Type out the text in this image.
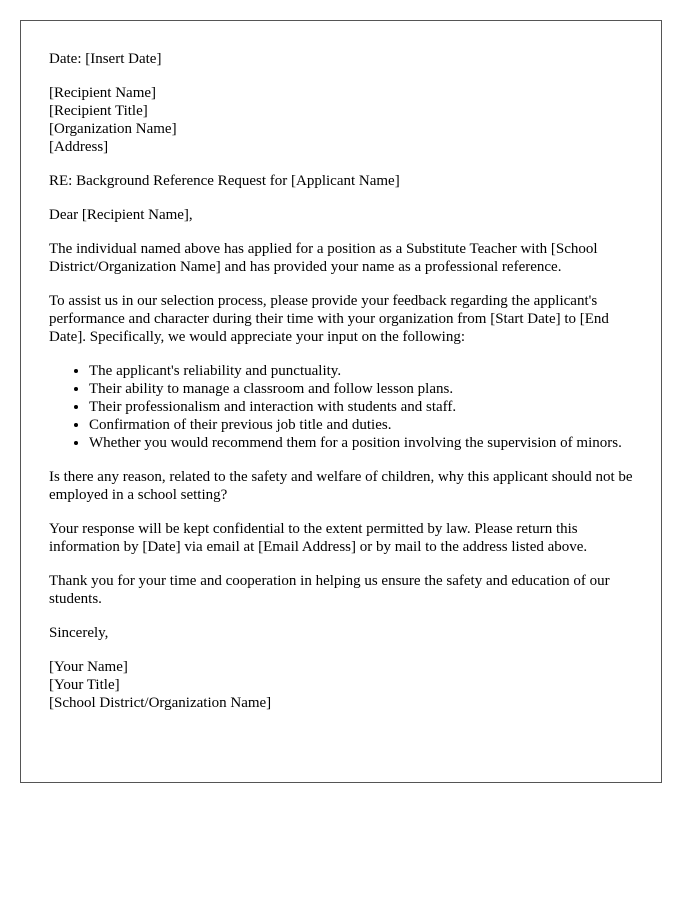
Date: [Insert Date]

[Recipient Name]
[Recipient Title]
[Organization Name]
[Address]

RE: Background Reference Request for [Applicant Name]

Dear [Recipient Name],

The individual named above has applied for a position as a Substitute Teacher with [School District/Organization Name] and has provided your name as a professional reference.

To assist us in our selection process, please provide your feedback regarding the applicant's performance and character during their time with your organization from [Start Date] to [End Date]. Specifically, we would appreciate your input on the following:

• The applicant's reliability and punctuality.
• Their ability to manage a classroom and follow lesson plans.
• Their professionalism and interaction with students and staff.
• Confirmation of their previous job title and duties.
• Whether you would recommend them for a position involving the supervision of minors.

Is there any reason, related to the safety and welfare of children, why this applicant should not be employed in a school setting?

Your response will be kept confidential to the extent permitted by law. Please return this information by [Date] via email at [Email Address] or by mail to the address listed above.

Thank you for your time and cooperation in helping us ensure the safety and education of our students.

Sincerely,

[Your Name]
[Your Title]
[School District/Organization Name]
